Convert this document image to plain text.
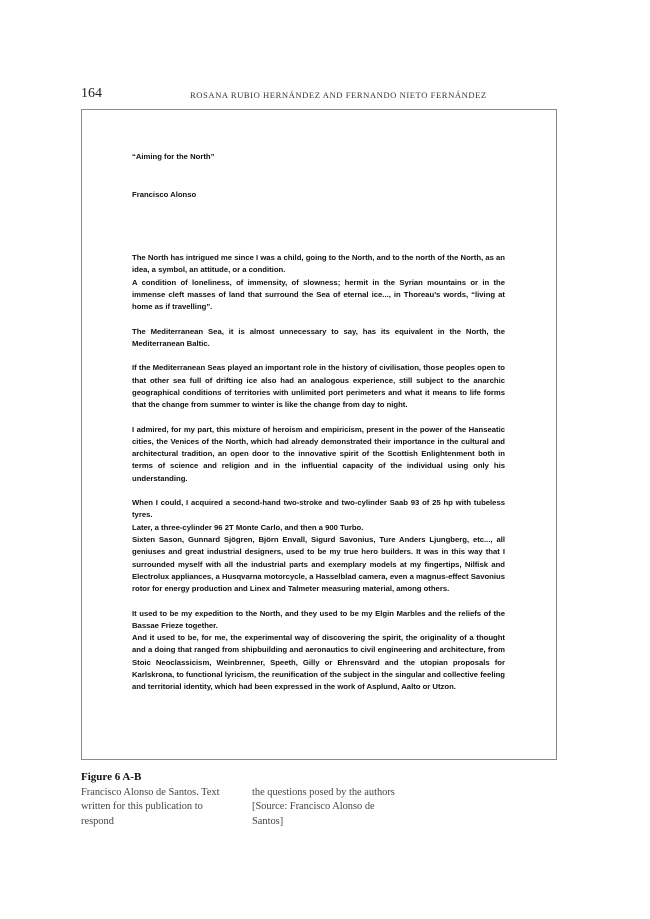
164	ROSANA RUBIO HERNÁNDEZ AND FERNANDO NIETO FERNÁNDEZ
“Aiming for the North”
Francisco Alonso

The North has intrigued me since I was a child, going to the North, and to the north of the North, as an idea, a symbol, an attitude, or a condition.

A condition of loneliness, of immensity, of slowness; hermit in the Syrian mountains or in the immense cleft masses of land that surround the Sea of eternal ice..., in Thoreau’s words, “living at home as if travelling”.

The Mediterranean Sea, it is almost unnecessary to say, has its equivalent in the North, the Mediterranean Baltic.

If the Mediterranean Seas played an important role in the history of civilisation, those peoples open to that other sea full of drifting ice also had an analogous experience, still subject to the anarchic geographical conditions of territories with unlimited port perimeters and what it means to life forms that the change from summer to winter is like the change from day to night.

I admired, for my part, this mixture of heroism and empiricism, present in the power of the Hanseatic cities, the Venices of the North, which had already demonstrated their importance in the cultural and architectural tradition, an open door to the innovative spirit of the Scottish Enlightenment both in terms of science and religion and in the influential capacity of the individual using only his understanding.

When I could, I acquired a second-hand two-stroke and two-cylinder Saab 93 of 25 hp with tubeless tyres.

Later, a three-cylinder 96 2T Monte Carlo, and then a 900 Turbo.

Sixten Sason, Gunnard Sjögren, Björn Envall, Sigurd Savonius, Ture Anders Ljungberg, etc..., all geniuses and great industrial designers, used to be my true hero builders. It was in this way that I surrounded myself with all the industrial parts and exemplary models at my fingertips, Nilfisk and Electrolux appliances, a Husqvarna motorcycle, a Hasselblad camera, even a magnus-effect Savonius rotor for energy production and Linex and Talmeter measuring material, among others.

It used to be my expedition to the North, and they used to be my Elgin Marbles and the reliefs of the Bassae Frieze together.

And it used to be, for me, the experimental way of discovering the spirit, the originality of a thought and a doing that ranged from shipbuilding and aeronautics to civil engineering and architecture, from Stoic Neoclassicism, Weinbrenner, Speeth, Gilly or Ehrensvärd and the utopian proposals for Karlskrona, to functional lyricism, the reunification of the subject in the singular and collective feeling and territorial identity, which had been expressed in the work of Asplund, Aalto or Utzon.

Figure 6 A-B
Francisco Alonso de Santos. Text written for this publication to respond
the questions posed by the authors [Source: Francisco Alonso de Santos]
